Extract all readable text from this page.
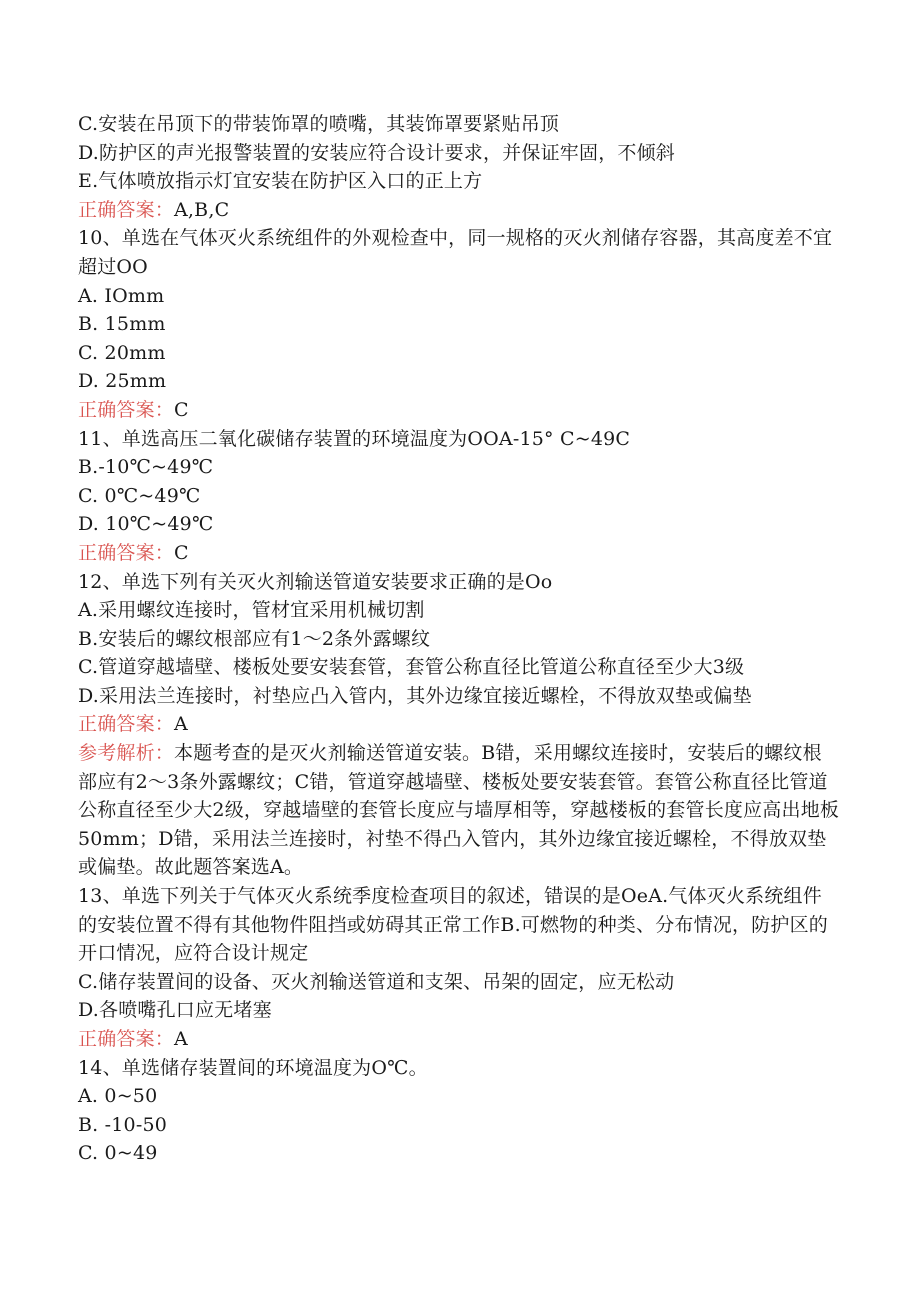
C.安装在吊顶下的带装饰罩的喷嘴，其装饰罩要紧贴吊顶
D.防护区的声光报警装置的安装应符合设计要求，并保证牢固，不倾斜
E.气体喷放指示灯宜安装在防护区入口的正上方
正确答案：A,B,C
10、单选在气体灭火系统组件的外观检查中，同一规格的灭火剂储存容器，其高度差不宜超过OO
A. IOmm
B. 15mm
C. 20mm
D. 25mm
正确答案：C
11、单选高压二氧化碳储存装置的环境温度为OOA-15° C~49C
B.-10℃~49℃
C. 0℃~49℃
D. 10℃~49℃
正确答案：C
12、单选下列有关灭火剂输送管道安装要求正确的是Oo
A.采用螺纹连接时，管材宜采用机械切割
B.安装后的螺纹根部应有1～2条外露螺纹
C.管道穿越墙壁、楼板处要安装套管，套管公称直径比管道公称直径至少大3级
D.采用法兰连接时，衬垫应凸入管内，其外边缘宜接近螺栓，不得放双垫或偏垫
正确答案：A
参考解析：本题考查的是灭火剂输送管道安装。B错，采用螺纹连接时，安装后的螺纹根部应有2～3条外露螺纹；C错，管道穿越墙壁、楼板处要安装套管。套管公称直径比管道公称直径至少大2级，穿越墙壁的套管长度应与墙厚相等，穿越楼板的套管长度应高出地板50mm；D错，采用法兰连接时，衬垫不得凸入管内，其外边缘宜接近螺栓，不得放双垫或偏垫。故此题答案选A。
13、单选下列关于气体灭火系统季度检查项目的叙述，错误的是OeA.气体灭火系统组件的安装位置不得有其他物件阻挡或妨碍其正常工作B.可燃物的种类、分布情况，防护区的开口情况，应符合设计规定
C.储存装置间的设备、灭火剂输送管道和支架、吊架的固定，应无松动
D.各喷嘴孔口应无堵塞
正确答案：A
14、单选储存装置间的环境温度为O℃。
A. 0~50
B. -10-50
C. 0~49
